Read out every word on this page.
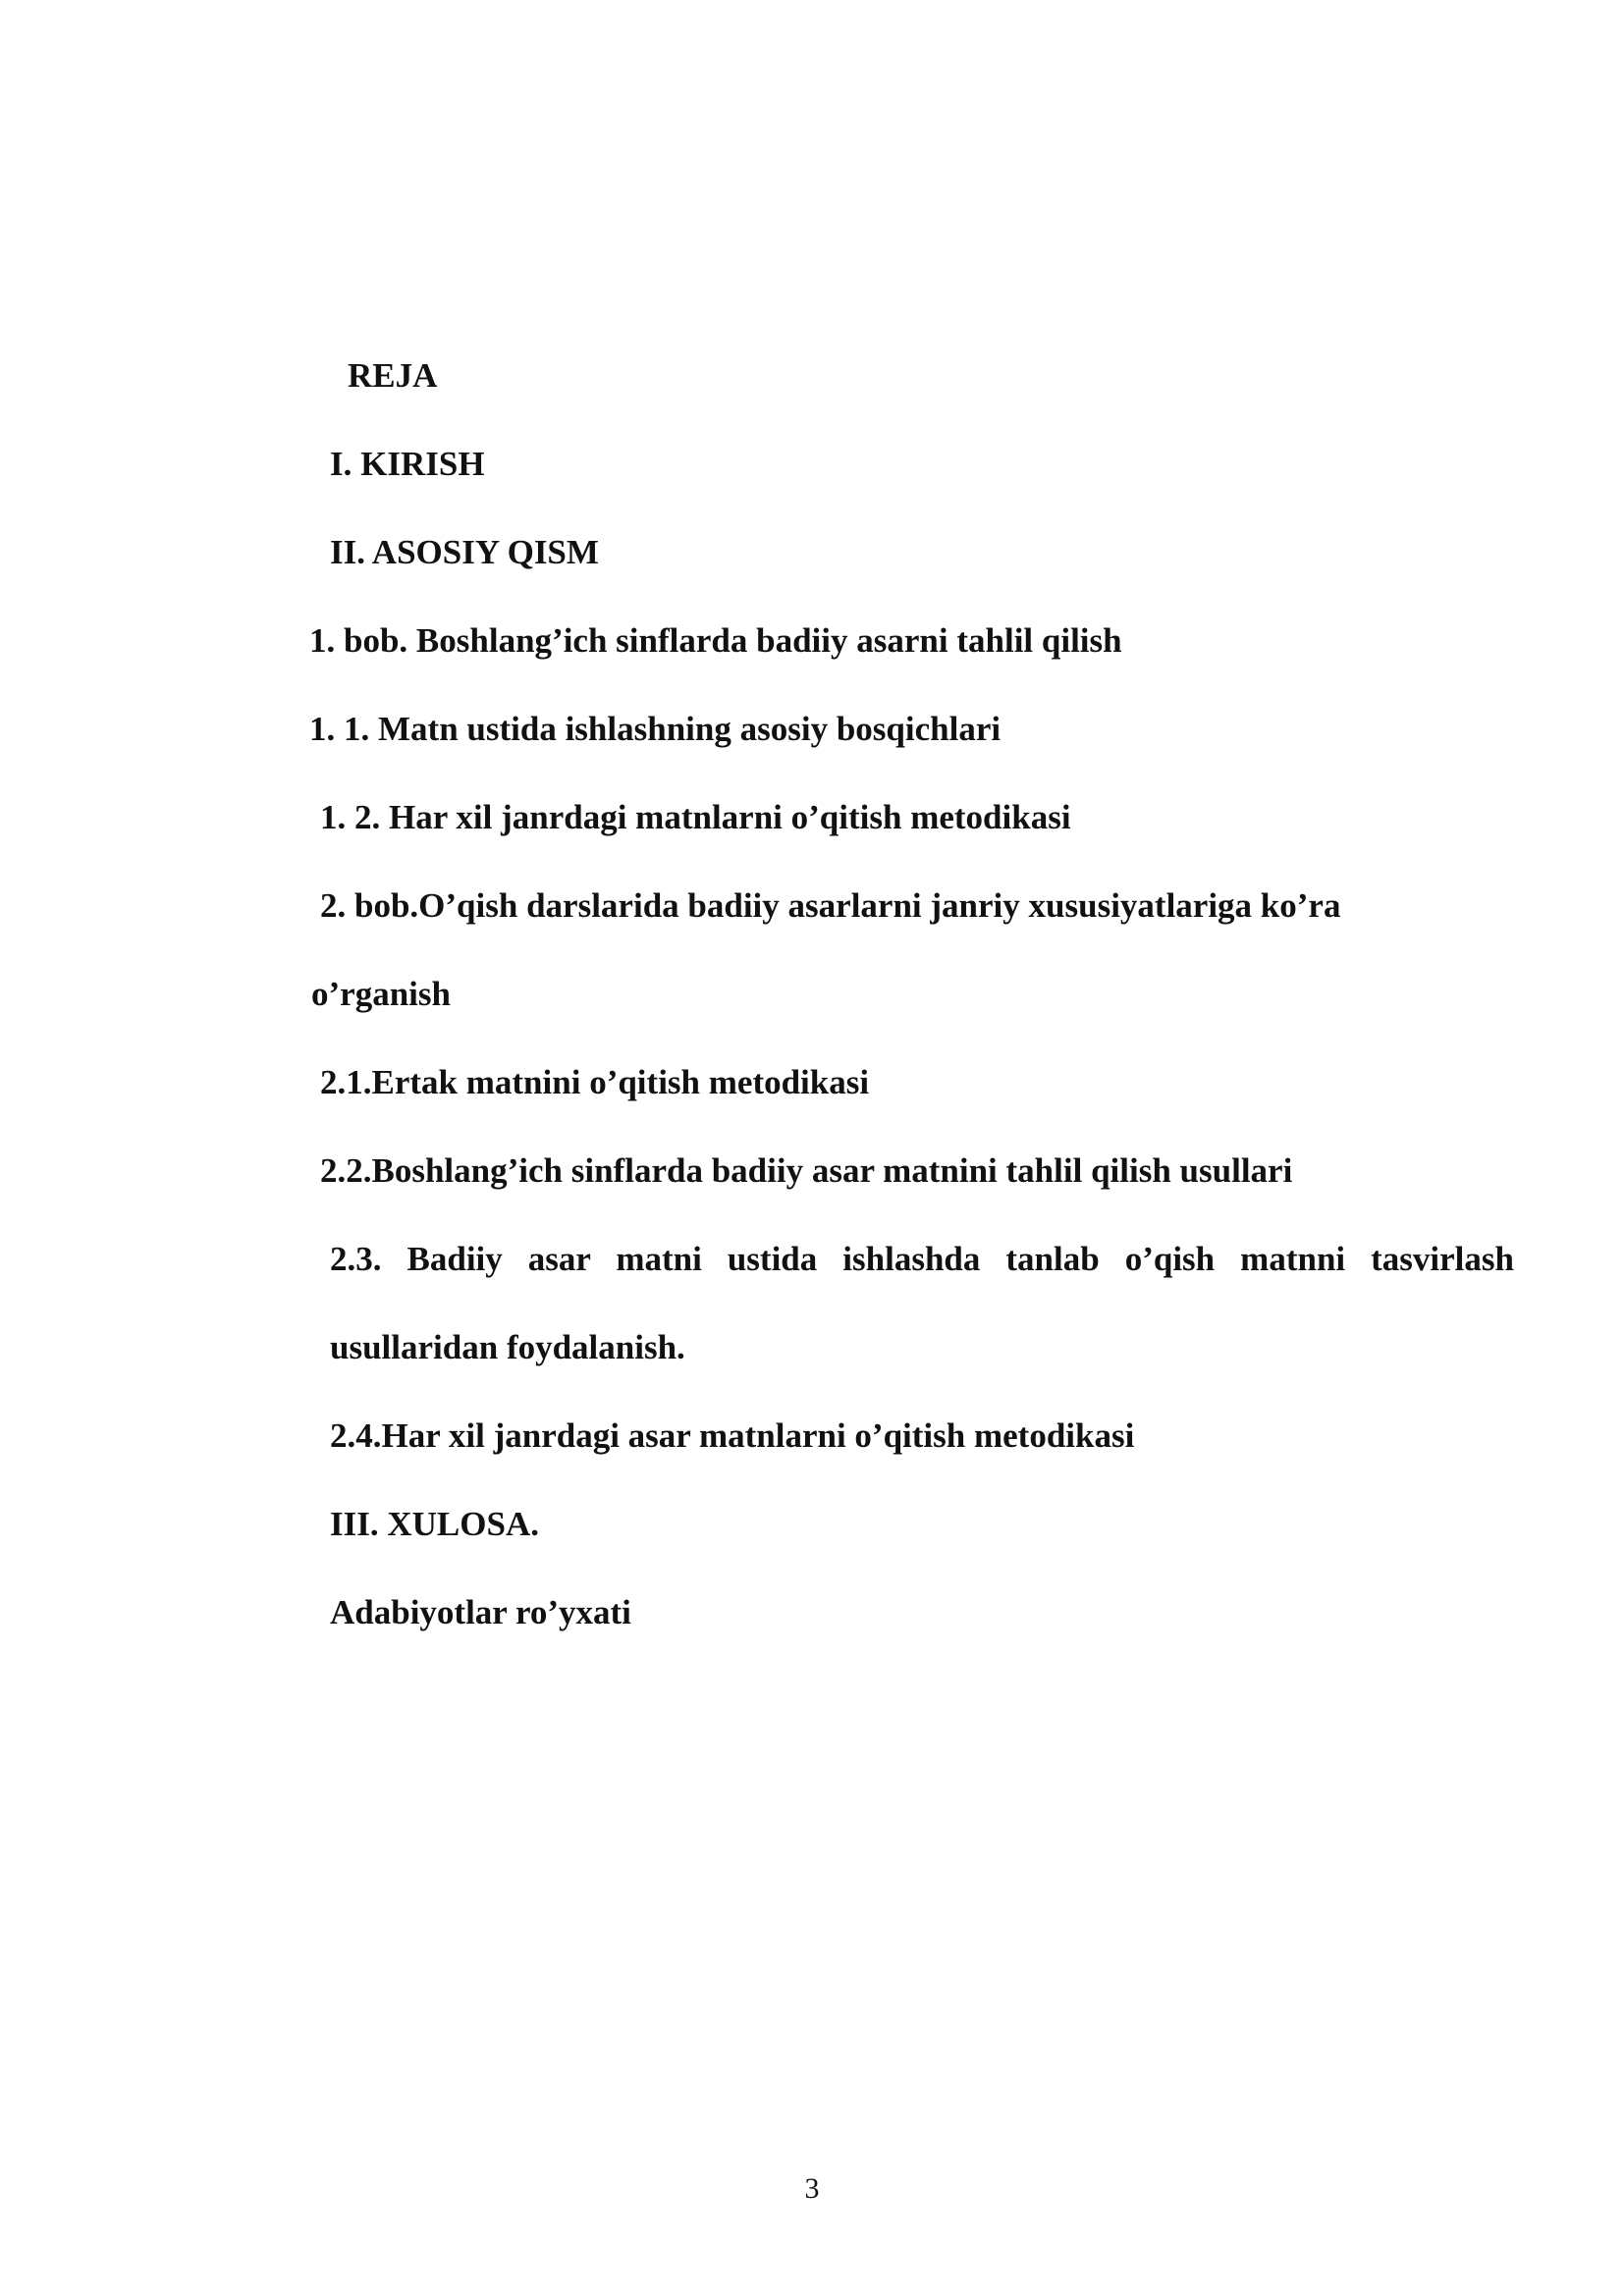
REJA
I. KIRISH
II. ASOSIY QISM
1. bob. Boshlang’ich sinflarda badiiy asarni tahlil qilish
1. 1. Matn ustida ishlashning asosiy bosqichlari
1. 2. Har xil janrdagi matnlarni o’qitish metodikasi
2. bob.O’qish darslarida badiiy asarlarni janriy xususiyatlariga ko’ra
o’rganish
2.1.Ertak matnini o’qitish metodikasi
2.2.Boshlang’ich sinflarda badiiy asar matnini tahlil qilish usullari
2.3. Badiiy asar matni ustida ishlashda tanlab o’qish matnni tasvirlash
usullaridan foydalanish.
2.4.Har xil janrdagi asar matnlarni o’qitish metodikasi
III. XULOSA.
Adabiyotlar ro’yxati
3
